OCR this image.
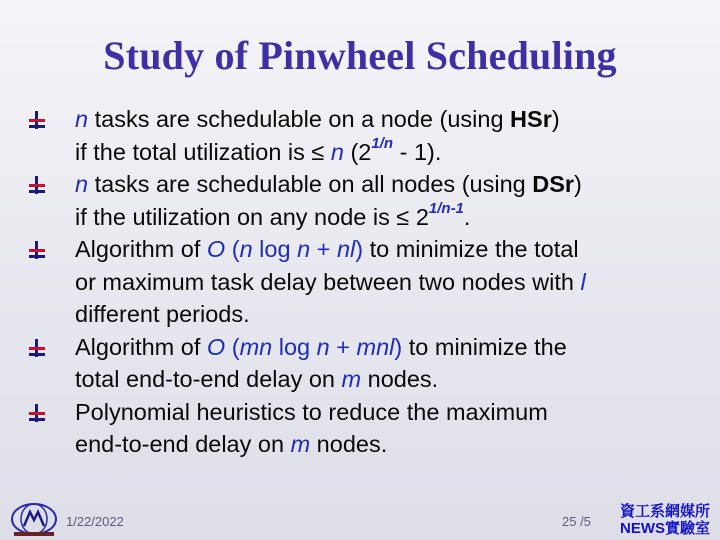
Study of Pinwheel Scheduling
n tasks are schedulable on a node (using HSr)
if the total utilization is ≤ n $(2^{1/n} - 1)$.
n tasks are schedulable on all nodes (using DSr)
if the utilization on any node is ≤ $2^{1/n-1}$.
Algorithm of O (n log n + nl) to minimize the total
or maximum task delay between two nodes with l
different periods.
Algorithm of O (mn log n + mnl) to minimize the
total end-to-end delay on m nodes.
Polynomial heuristics to reduce the maximum
end-to-end delay on m nodes.
1/22/2022	25 /5
資工系網媒所
NEWS實驗室
